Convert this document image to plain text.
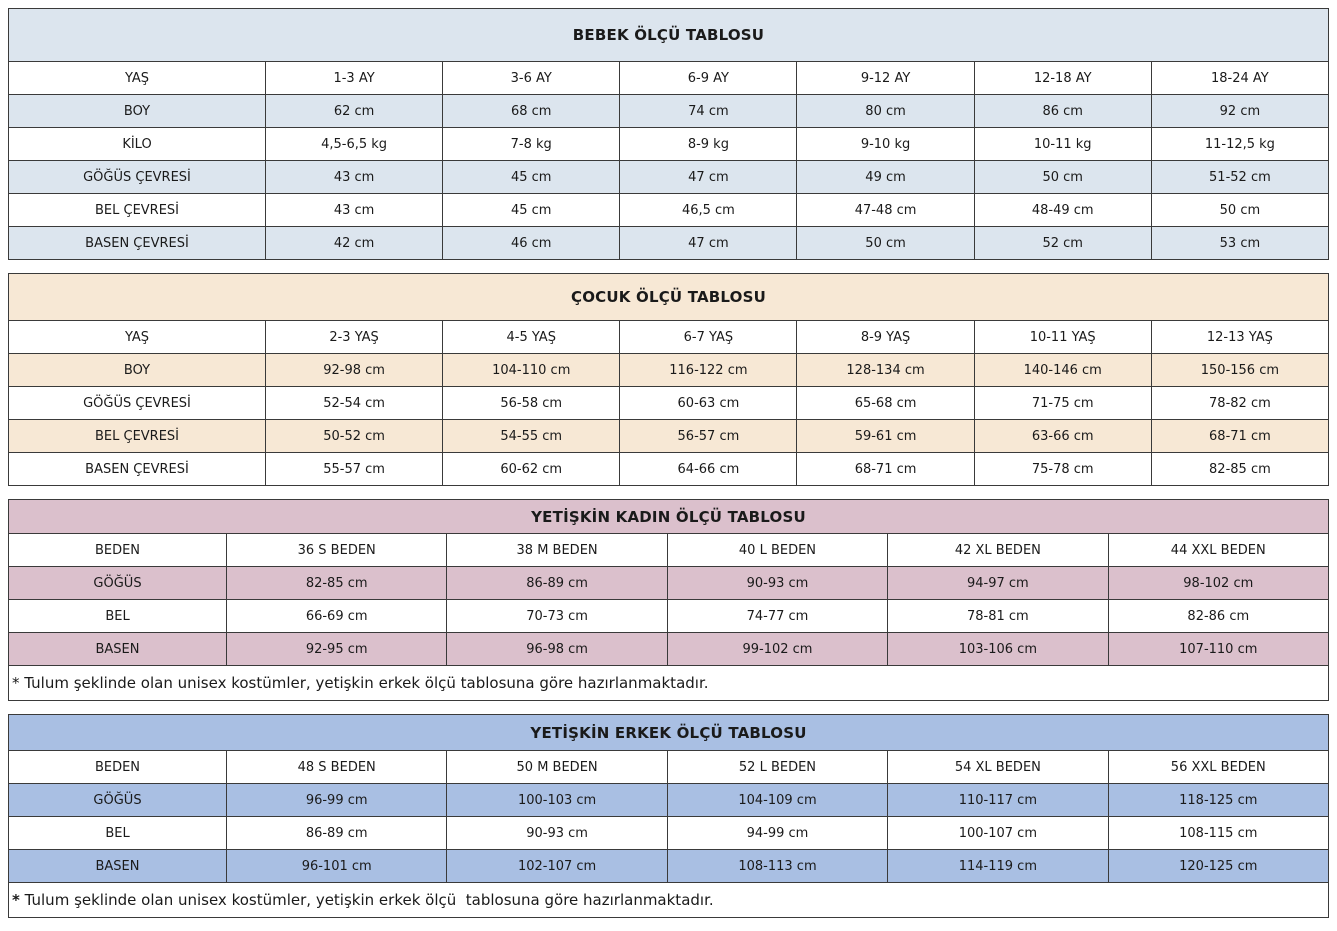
BEBEK ÖLÇÜ TABLOSU						
YAŞ	1-3 AY	3-6 AY	6-9 AY	9-12 AY	12-18 AY	18-24 AY
BOY	62 cm	68 cm	74 cm	80 cm	86 cm	92 cm
KİLO	4,5-6,5 kg	7-8 kg	8-9 kg	9-10 kg	10-11 kg	11-12,5 kg
GÖĞÜS ÇEVRESİ	43 cm	45 cm	47 cm	49 cm	50 cm	51-52 cm
BEL ÇEVRESİ	43 cm	45 cm	46,5 cm	47-48 cm	48-49 cm	50 cm
BASEN ÇEVRESİ	42 cm	46 cm	47 cm	50 cm	52 cm	53 cm
ÇOCUK ÖLÇÜ TABLOSU						
YAŞ	2-3 YAŞ	4-5 YAŞ	6-7 YAŞ	8-9 YAŞ	10-11 YAŞ	12-13 YAŞ
BOY	92-98 cm	104-110 cm	116-122 cm	128-134 cm	140-146 cm	150-156 cm
GÖĞÜS ÇEVRESİ	52-54 cm	56-58 cm	60-63 cm	65-68 cm	71-75 cm	78-82 cm
BEL ÇEVRESİ	50-52 cm	54-55 cm	56-57 cm	59-61 cm	63-66 cm	68-71 cm
BASEN ÇEVRESİ	55-57 cm	60-62 cm	64-66 cm	68-71 cm	75-78 cm	82-85 cm
YETİŞKİN KADIN ÖLÇÜ TABLOSU					
BEDEN	36 S BEDEN	38 M BEDEN	40 L BEDEN	42 XL BEDEN	44 XXL BEDEN
GÖĞÜS	82-85 cm	86-89 cm	90-93 cm	94-97 cm	98-102 cm
BEL	66-69 cm	70-73 cm	74-77 cm	78-81 cm	82-86 cm
BASEN	92-95 cm	96-98 cm	99-102 cm	103-106 cm	107-110 cm
* Tulum şeklinde olan unisex kostümler, yetişkin erkek ölçü tablosuna göre hazırlanmaktadır.					
YETİŞKİN ERKEK ÖLÇÜ TABLOSU					
BEDEN	48 S BEDEN	50 M BEDEN	52 L BEDEN	54 XL BEDEN	56 XXL BEDEN
GÖĞÜS	96-99 cm	100-103 cm	104-109 cm	110-117 cm	118-125 cm
BEL	86-89 cm	90-93 cm	94-99 cm	100-107 cm	108-115 cm
BASEN	96-101 cm	102-107 cm	108-113 cm	114-119 cm	120-125 cm
* Tulum şeklinde olan unisex kostümler, yetişkin erkek ölçü  tablosuna göre hazırlanmaktadır.					
